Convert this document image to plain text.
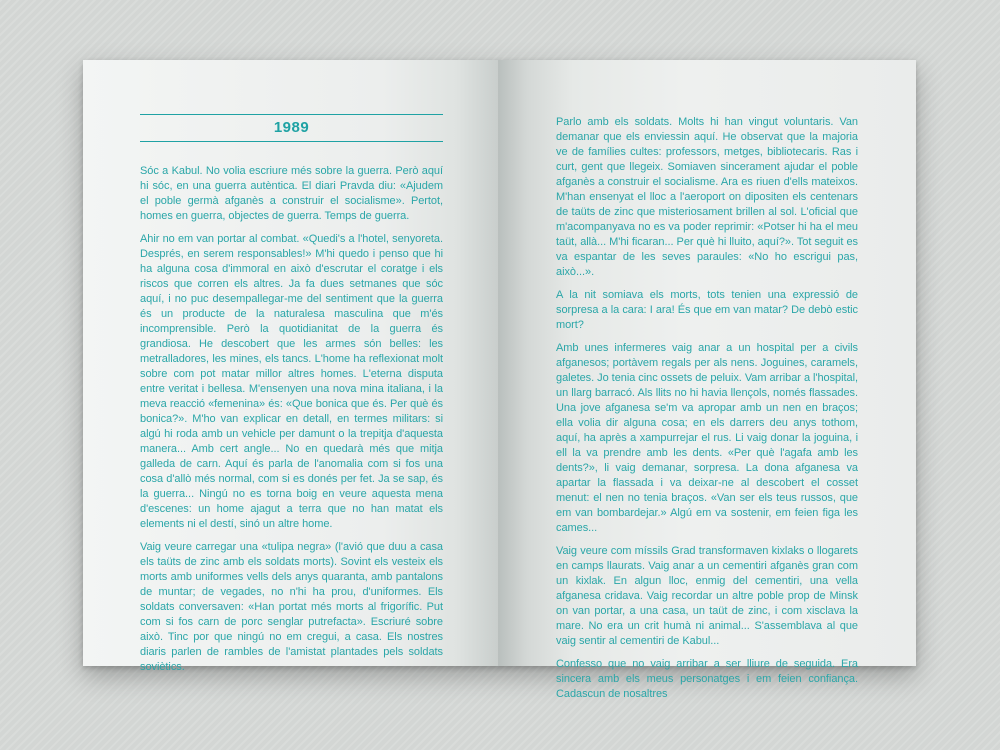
1989

Sóc a Kabul. No volia escriure més sobre la guerra. Però aquí hi sóc, en una guerra autèntica. El diari Pravda diu: «Ajudem el poble germà afganès a construir el socialisme». Pertot, homes en guerra, objectes de guerra. Temps de guerra.

Ahir no em van portar al combat. «Quedi's a l'hotel, senyoreta. Després, en serem responsables!» M'hi quedo i penso que hi ha alguna cosa d'immoral en això d'escrutar el coratge i els riscos que corren els altres. Ja fa dues setmanes que sóc aquí, i no puc desempallegar-me del sentiment que la guerra és un producte de la naturalesa masculina que m'és incomprensible. Però la quotidianitat de la guerra és grandiosa. He descobert que les armes són belles: les metralladores, les mines, els tancs. L'home ha reflexionat molt sobre com pot matar millor altres homes. L'eterna disputa entre veritat i bellesa. M'ensenyen una nova mina italiana, i la meva reacció «femenina» és: «Que bonica que és. Per què és bonica?». M'ho van explicar en detall, en termes militars: si algú hi roda amb un vehicle per damunt o la trepitja d'aquesta manera... Amb cert angle... No en quedarà més que mitja galleda de carn. Aquí és parla de l'anomalia com si fos una cosa d'allò més normal, com si es donés per fet. Ja se sap, és la guerra... Ningú no es torna boig en veure aquesta mena d'escenes: un home ajagut a terra que no han matat els elements ni el destí, sinó un altre home.

Vaig veure carregar una «tulipa negra» (l'avió que duu a casa els taüts de zinc amb els soldats morts). Sovint els vesteix els morts amb uniformes vells dels anys quaranta, amb pantalons de muntar; de vegades, no n'hi ha prou, d'uniformes. Els soldats conversaven: «Han portat més morts al frigorífic. Put com si fos carn de porc senglar putrefacta». Escriuré sobre això. Tinc por que ningú no em cregui, a casa. Els nostres diaris parlen de rambles de l'amistat plantades pels soldats soviètics.

Parlo amb els soldats. Molts hi han vingut voluntaris. Van demanar que els enviessin aquí. He observat que la majoria ve de famílies cultes: professors, metges, bibliotecaris. Ras i curt, gent que llegeix. Somiaven sincerament ajudar el poble afganès a construir el socialisme. Ara es riuen d'ells mateixos. M'han ensenyat el lloc a l'aeroport on dipositen els centenars de taüts de zinc que misteriosament brillen al sol. L'oficial que m'acompanyava no es va poder reprimir: «Potser hi ha el meu taüt, allà... M'hi ficaran... Per què hi lluito, aquí?». Tot seguit es va espantar de les seves paraules: «No ho escrigui pas, això...».

A la nit somiava els morts, tots tenien una expressió de sorpresa a la cara: I ara! És que em van matar? De debò estic mort?

Amb unes infermeres vaig anar a un hospital per a civils afganesos; portàvem regals per als nens. Joguines, caramels, galetes. Jo tenia cinc ossets de peluix. Vam arribar a l'hospital, un llarg barracó. Als llits no hi havia llençols, només flassades. Una jove afganesa se'm va apropar amb un nen en braços; ella volia dir alguna cosa; en els darrers deu anys tothom, aquí, ha après a xampurrejar el rus. Li vaig donar la joguina, i ell la va prendre amb les dents. «Per què l'agafa amb les dents?», li vaig demanar, sorpresa. La dona afganesa va apartar la flassada i va deixar-ne al descobert el cosset menut: el nen no tenia braços. «Van ser els teus russos, que em van bombardejar.» Algú em va sostenir, em feien figa les cames...

Vaig veure com míssils Grad transformaven kixlaks o llogarets en camps llaurats. Vaig anar a un cementiri afganès gran com un kixlak. En algun lloc, enmig del cementiri, una vella afganesa cridava. Vaig recordar un altre poble prop de Minsk on van portar, a una casa, un taüt de zinc, i com xisclava la mare. No era un crit humà ni animal... S'assemblava al que vaig sentir al cementiri de Kabul...

Confesso que no vaig arribar a ser lliure de seguida. Era sincera amb els meus personatges i em feien confiança. Cadascun de nosaltres
